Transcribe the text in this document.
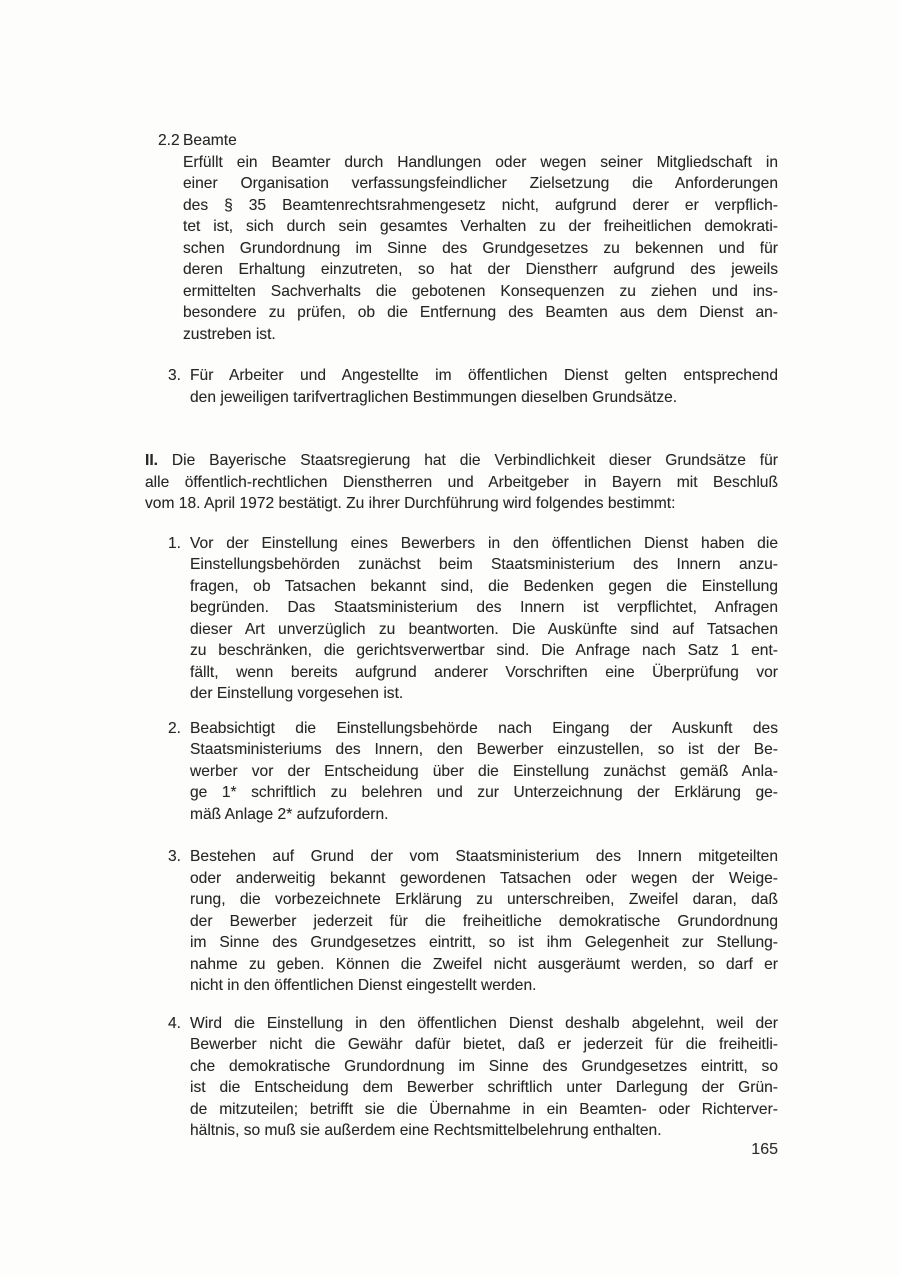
2.2 Beamte
Erfüllt ein Beamter durch Handlungen oder wegen seiner Mitgliedschaft in
einer Organisation verfassungsfeindlicher Zielsetzung die Anforderungen
des § 35 Beamtenrechtsrahmengesetz nicht, aufgrund derer er verpflich-
tet ist, sich durch sein gesamtes Verhalten zu der freiheitlichen demokrati-
schen Grundordnung im Sinne des Grundgesetzes zu bekennen und für
deren Erhaltung einzutreten, so hat der Dienstherr aufgrund des jeweils
ermittelten Sachverhalts die gebotenen Konsequenzen zu ziehen und ins-
besondere zu prüfen, ob die Entfernung des Beamten aus dem Dienst an-
zustreben ist.
3. Für Arbeiter und Angestellte im öffentlichen Dienst gelten entsprechend
den jeweiligen tarifvertraglichen Bestimmungen dieselben Grundsätze.
II. Die Bayerische Staatsregierung hat die Verbindlichkeit dieser Grundsätze für
alle öffentlich-rechtlichen Dienstherren und Arbeitgeber in Bayern mit Beschluß
vom 18. April 1972 bestätigt. Zu ihrer Durchführung wird folgendes bestimmt:
1. Vor der Einstellung eines Bewerbers in den öffentlichen Dienst haben die
Einstellungsbehörden zunächst beim Staatsministerium des Innern anzu-
fragen, ob Tatsachen bekannt sind, die Bedenken gegen die Einstellung
begründen. Das Staatsministerium des Innern ist verpflichtet, Anfragen
dieser Art unverzüglich zu beantworten. Die Auskünfte sind auf Tatsachen
zu beschränken, die gerichtsverwertbar sind. Die Anfrage nach Satz 1 ent-
fällt, wenn bereits aufgrund anderer Vorschriften eine Überprüfung vor
der Einstellung vorgesehen ist.
2. Beabsichtigt die Einstellungsbehörde nach Eingang der Auskunft des
Staatsministeriums des Innern, den Bewerber einzustellen, so ist der Be-
werber vor der Entscheidung über die Einstellung zunächst gemäß Anla-
ge 1* schriftlich zu belehren und zur Unterzeichnung der Erklärung ge-
mäß Anlage 2* aufzufordern.
3. Bestehen auf Grund der vom Staatsministerium des Innern mitgeteilten
oder anderweitig bekannt gewordenen Tatsachen oder wegen der Weige-
rung, die vorbezeichnete Erklärung zu unterschreiben, Zweifel daran, daß
der Bewerber jederzeit für die freiheitliche demokratische Grundordnung
im Sinne des Grundgesetzes eintritt, so ist ihm Gelegenheit zur Stellung-
nahme zu geben. Können die Zweifel nicht ausgeräumt werden, so darf er
nicht in den öffentlichen Dienst eingestellt werden.
4. Wird die Einstellung in den öffentlichen Dienst deshalb abgelehnt, weil der
Bewerber nicht die Gewähr dafür bietet, daß er jederzeit für die freiheitli-
che demokratische Grundordnung im Sinne des Grundgesetzes eintritt, so
ist die Entscheidung dem Bewerber schriftlich unter Darlegung der Grün-
de mitzuteilen; betrifft sie die Übernahme in ein Beamten- oder Richterver-
hältnis, so muß sie außerdem eine Rechtsmittelbelehrung enthalten.
165
